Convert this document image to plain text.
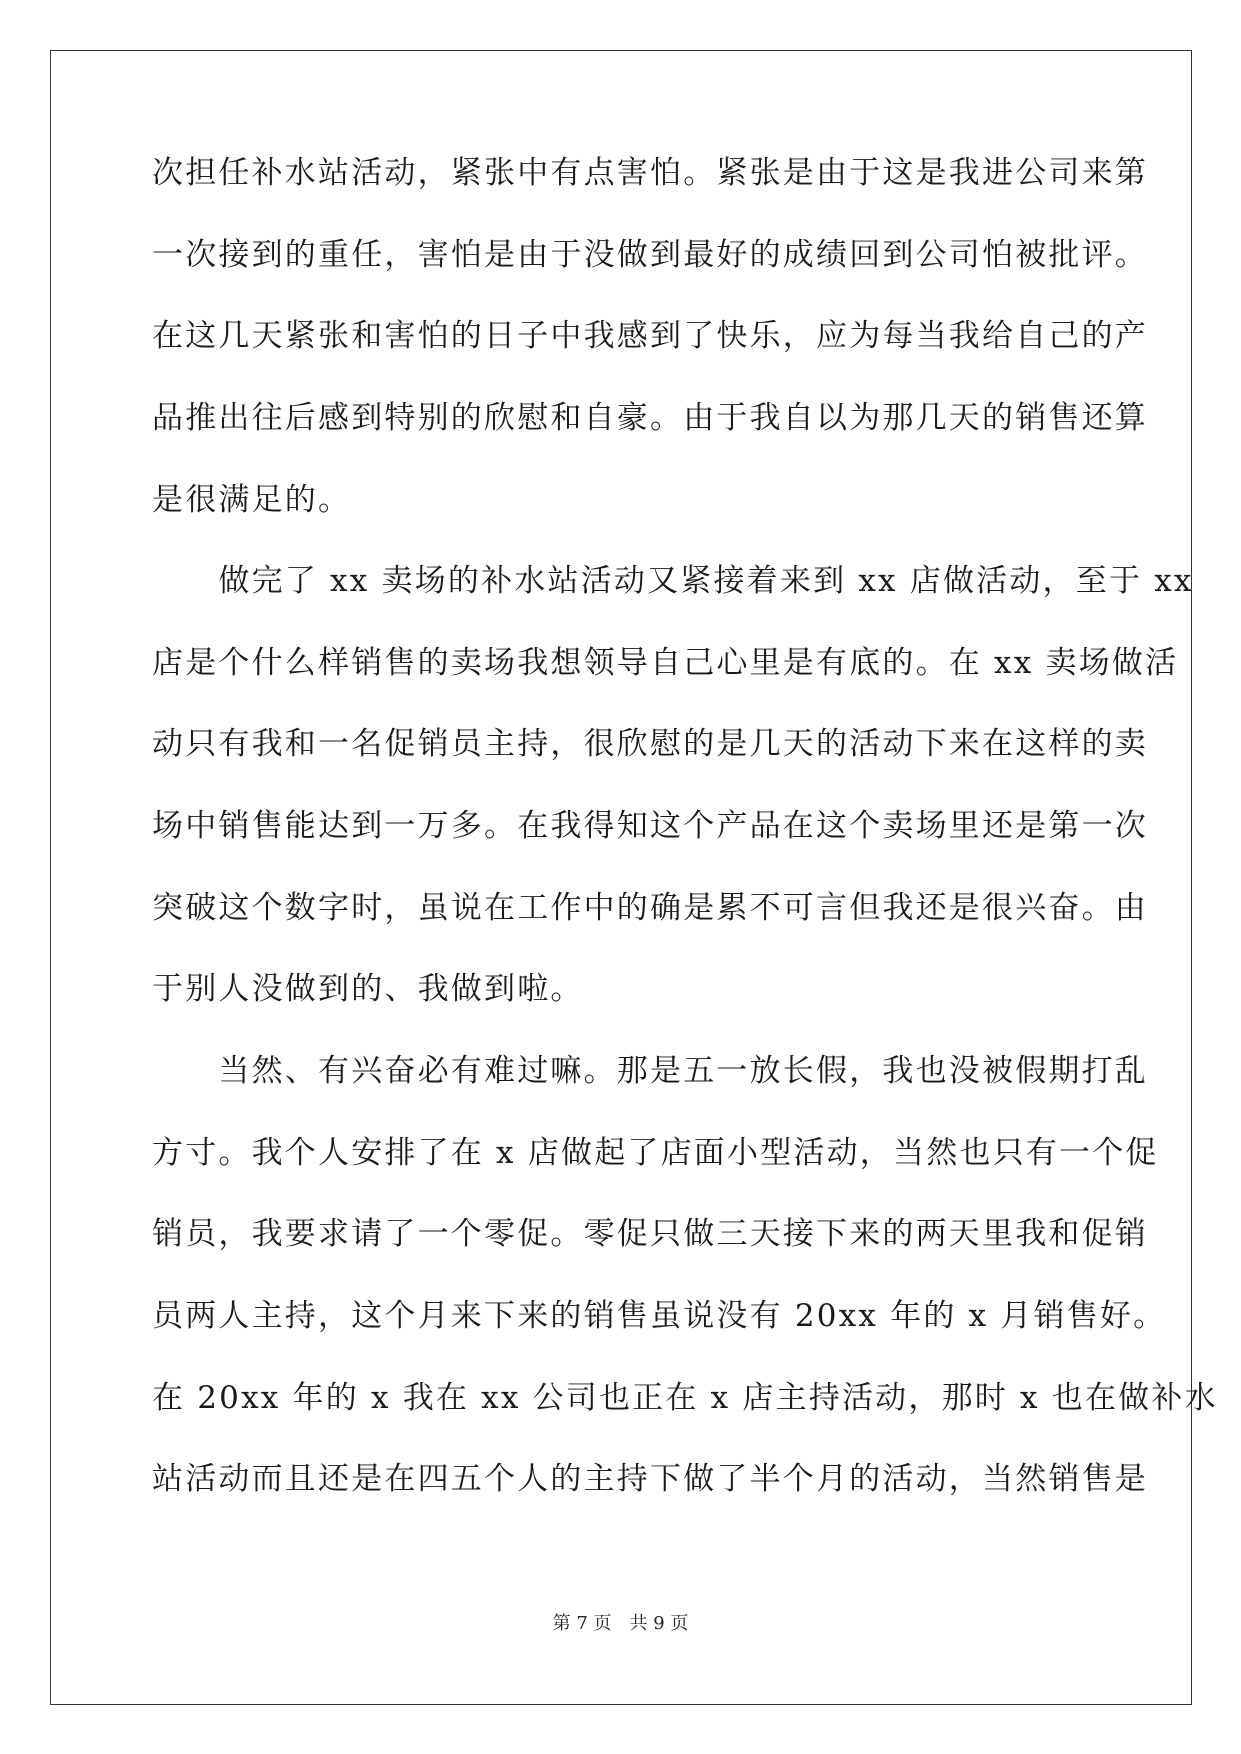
次担任补水站活动，紧张中有点害怕。紧张是由于这是我进公司来第
一次接到的重任，害怕是由于没做到最好的成绩回到公司怕被批评。
在这几天紧张和害怕的日子中我感到了快乐，应为每当我给自己的产
品推出往后感到特别的欣慰和自豪。由于我自以为那几天的销售还算
是很满足的。
　　做完了 xx 卖场的补水站活动又紧接着来到 xx 店做活动，至于 xx
店是个什么样销售的卖场我想领导自己心里是有底的。在 xx 卖场做活
动只有我和一名促销员主持，很欣慰的是几天的活动下来在这样的卖
场中销售能达到一万多。在我得知这个产品在这个卖场里还是第一次
突破这个数字时，虽说在工作中的确是累不可言但我还是很兴奋。由
于别人没做到的、我做到啦。
　　当然、有兴奋必有难过嘛。那是五一放长假，我也没被假期打乱
方寸。我个人安排了在 x 店做起了店面小型活动，当然也只有一个促
销员，我要求请了一个零促。零促只做三天接下来的两天里我和促销
员两人主持，这个月来下来的销售虽说没有 20xx 年的 x 月销售好。
在 20xx 年的 x 我在 xx 公司也正在 x 店主持活动，那时 x 也在做补水
站活动而且还是在四五个人的主持下做了半个月的活动，当然销售是
第 7 页　共 9 页
